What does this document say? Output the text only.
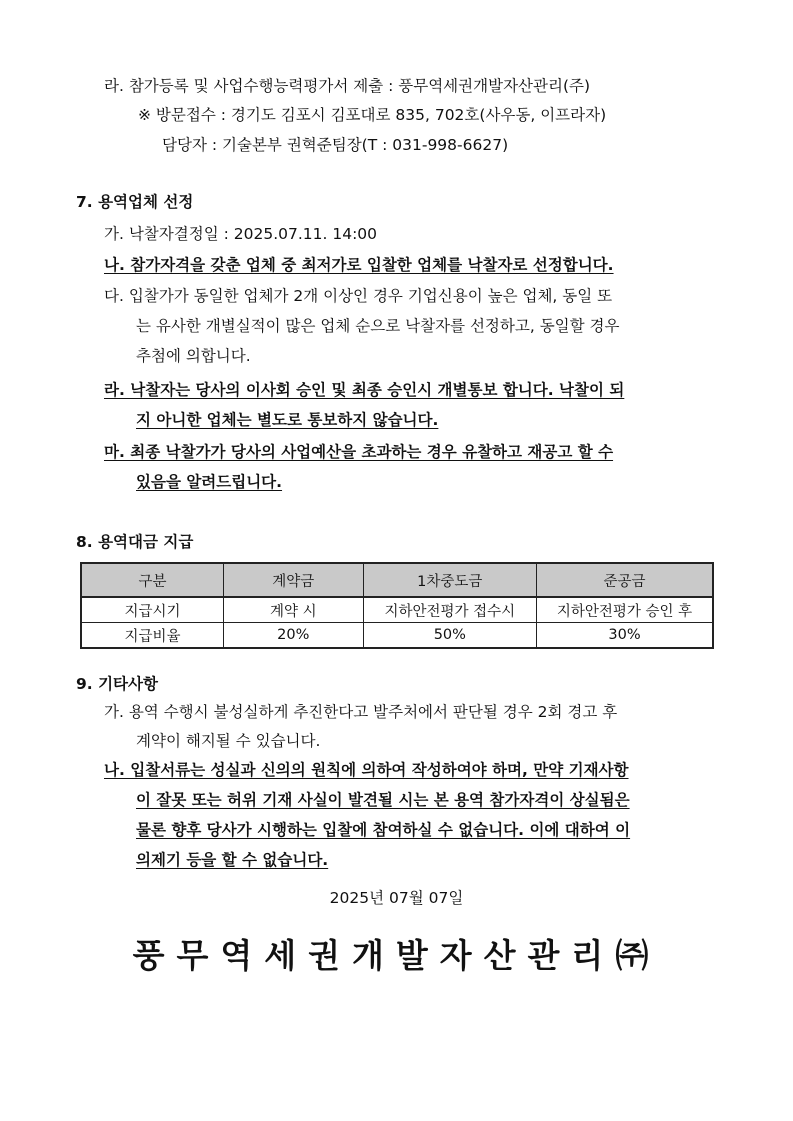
라. 참가등록 및 사업수행능력평가서 제출 : 풍무역세권개발자산관리(주)
※ 방문접수 : 경기도 김포시 김포대로 835, 702호(사우동, 이프라자)
담당자 : 기술본부 권혁준팀장(T : 031-998-6627)
7. 용역업체 선정
가. 낙찰자결정일 : 2025.07.11. 14:00
나. 참가자격을 갖춘 업체 중 최저가로 입찰한 업체를 낙찰자로 선정합니다.
다. 입찰가가 동일한 업체가 2개 이상인 경우 기업신용이 높은 업체, 동일 또
는 유사한 개별실적이 많은 업체 순으로 낙찰자를 선정하고, 동일할 경우
추첨에 의합니다.
라. 낙찰자는 당사의 이사회 승인 및 최종 승인시 개별통보 합니다. 낙찰이 되
지 아니한 업체는 별도로 통보하지 않습니다.
마. 최종 낙찰가가 당사의 사업예산을 초과하는 경우 유찰하고 재공고 할 수
있음을 알려드립니다.
8. 용역대금 지급
구분	계약금	1차중도금	준공금
지급시기	계약 시	지하안전평가 접수시	지하안전평가 승인 후
지급비율	20%	50%	30%
9. 기타사항
가. 용역 수행시 불성실하게 추진한다고 발주처에서 판단될 경우 2회 경고 후
계약이 해지될 수 있습니다.
나. 입찰서류는 성실과 신의의 원칙에 의하여 작성하여야 하며, 만약 기재사항
이 잘못 또는 허위 기재 사실이 발견될 시는 본 용역 참가자격이 상실됨은
물론 향후 당사가 시행하는 입찰에 참여하실 수 없습니다. 이에 대하여 이
의제기 등을 할 수 없습니다.
2025년 07월 07일
풍무역세권개발자산관리㈜
